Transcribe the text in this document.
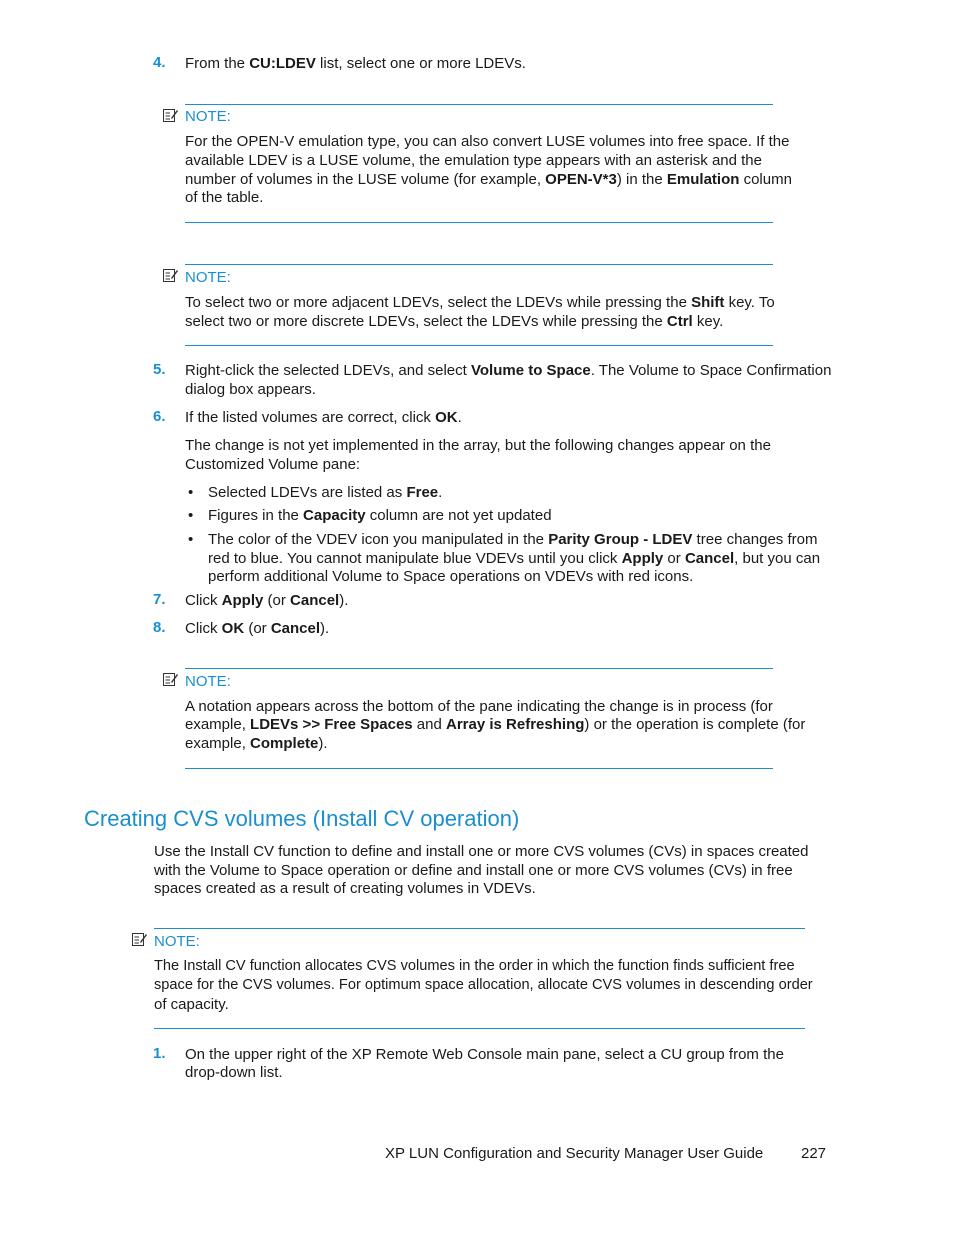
4.	From the CU:LDEV list, select one or more LDEVs.

NOTE:

For the OPEN-V emulation type, you can also convert LUSE volumes into free space. If the

available LDEV is a LUSE volume, the emulation type appears with an asterisk and the

number of volumes in the LUSE volume (for example, OPEN-V*3) in the Emulation column

of the table.

NOTE:

To select two or more adjacent LDEVs, select the LDEVs while pressing the Shift key. To

select two or more discrete LDEVs, select the LDEVs while pressing the Ctrl key.

5.	Right-click the selected LDEVs, and select Volume to Space. The Volume to Space Confirmation

dialog box appears.

6.	If the listed volumes are correct, click OK.

The change is not yet implemented in the array, but the following changes appear on the

Customized Volume pane:

• Selected LDEVs are listed as Free.

• Figures in the Capacity column are not yet updated

• The color of the VDEV icon you manipulated in the Parity Group - LDEV tree changes from

red to blue. You cannot manipulate blue VDEVs until you click Apply or Cancel, but you can

perform additional Volume to Space operations on VDEVs with red icons.

7.	Click Apply (or Cancel).

8.	Click OK (or Cancel).

NOTE:

A notation appears across the bottom of the pane indicating the change is in process (for

example, LDEVs >> Free Spaces and Array is Refreshing) or the operation is complete (for

example, Complete).

Creating CVS volumes (Install CV operation)

Use the Install CV function to define and install one or more CVS volumes (CVs) in spaces created

with the Volume to Space operation or define and install one or more CVS volumes (CVs) in free

spaces created as a result of creating volumes in VDEVs.

NOTE:

The Install CV function allocates CVS volumes in the order in which the function finds sufficient free

space for the CVS volumes. For optimum space allocation, allocate CVS volumes in descending order

of capacity.

1.	On the upper right of the XP Remote Web Console main pane, select a CU group from the

drop-down list.

XP LUN Configuration and Security Manager User Guide	227
